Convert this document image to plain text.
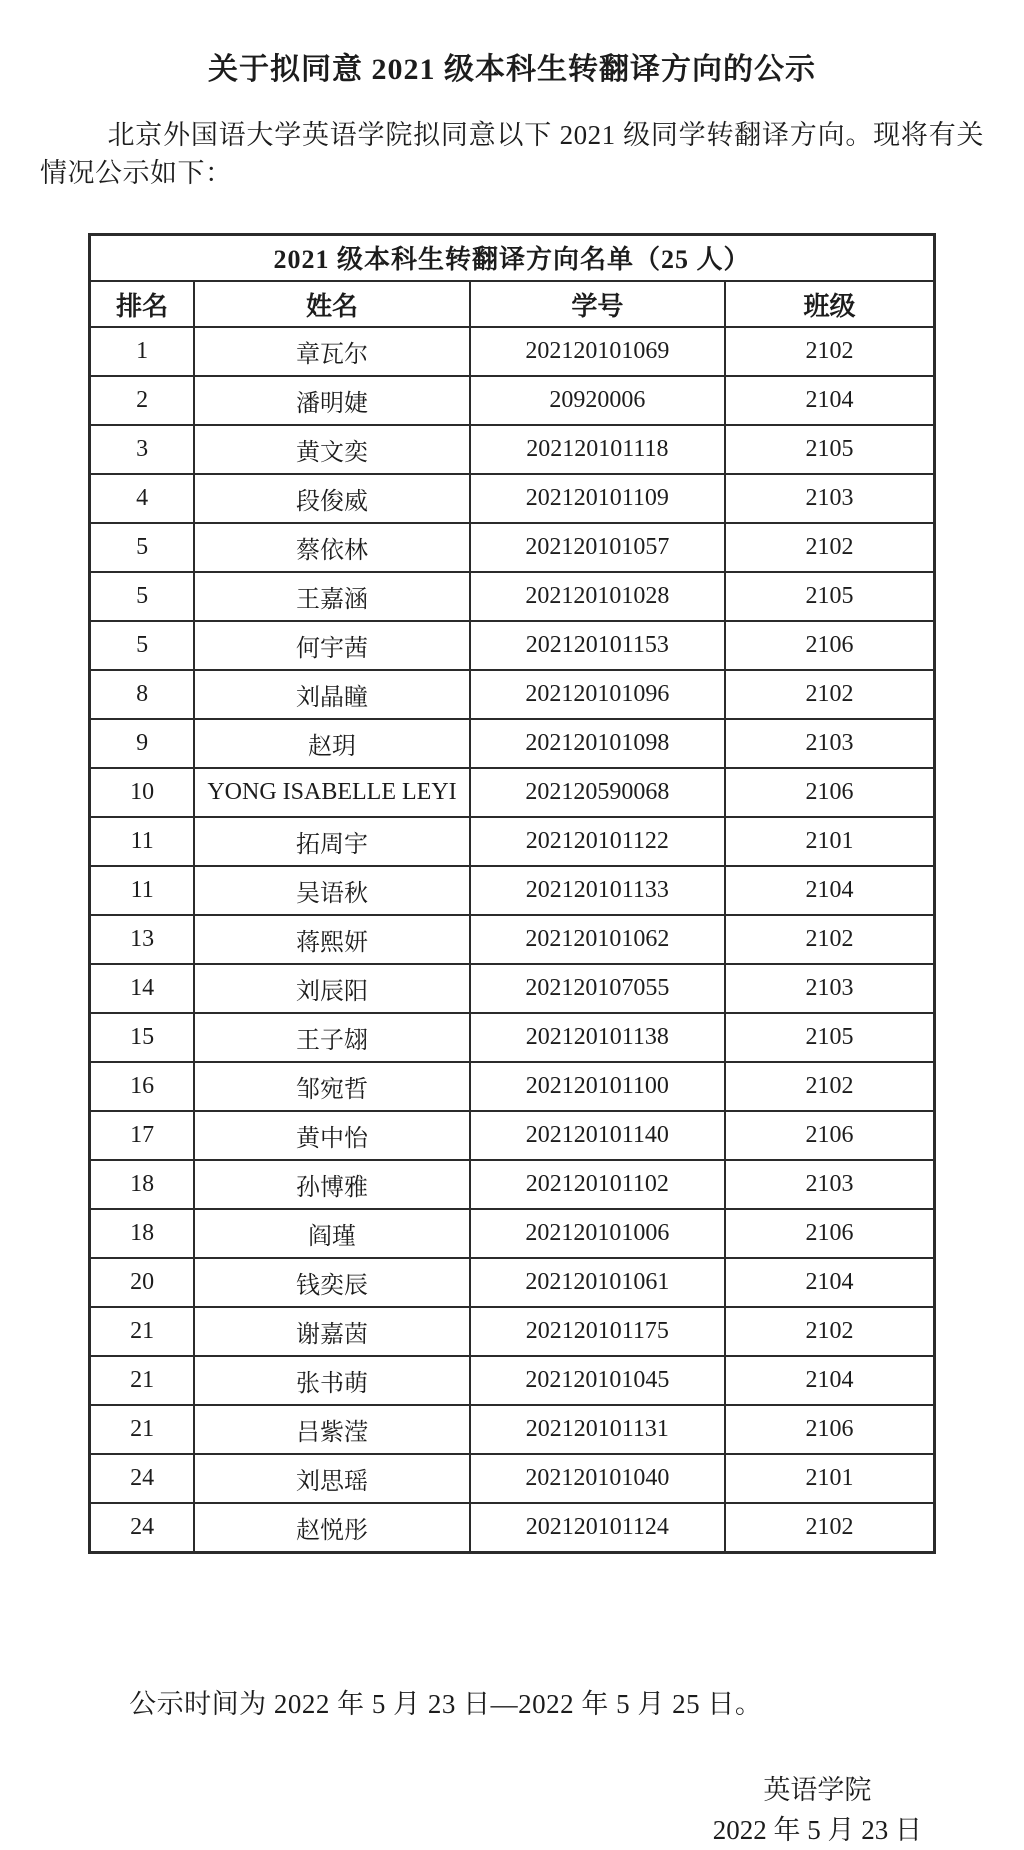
关于拟同意 2021 级本科生转翻译方向的公示

北京外国语大学英语学院拟同意以下 2021 级同学转翻译方向。现将有关情况公示如下：

2021 级本科生转翻译方向名单（25 人）			
排名	姓名	学号	班级
1	章瓦尔	202120101069	2102
2	潘明婕	20920006	2104
3	黄文奕	202120101118	2105
4	段俊威	202120101109	2103
5	蔡依林	202120101057	2102
5	王嘉涵	202120101028	2105
5	何宇茜	202120101153	2106
8	刘晶瞳	202120101096	2102
9	赵玥	202120101098	2103
10	YONG ISABELLE LEYI	202120590068	2106
11	拓周宇	202120101122	2101
11	吴语秋	202120101133	2104
13	蒋熙妍	202120101062	2102
14	刘辰阳	202120107055	2103
15	王子翃	202120101138	2105
16	邹宛哲	202120101100	2102
17	黄中怡	202120101140	2106
18	孙博雅	202120101102	2103
18	阎瑾	202120101006	2106
20	钱奕辰	202120101061	2104
21	谢嘉茵	202120101175	2102
21	张书萌	202120101045	2104
21	吕紫滢	202120101131	2106
24	刘思瑶	202120101040	2101
24	赵悦彤	202120101124	2102

公示时间为 2022 年 5 月 23 日—2022 年 5 月 25 日。

英语学院
2022 年 5 月 23 日
